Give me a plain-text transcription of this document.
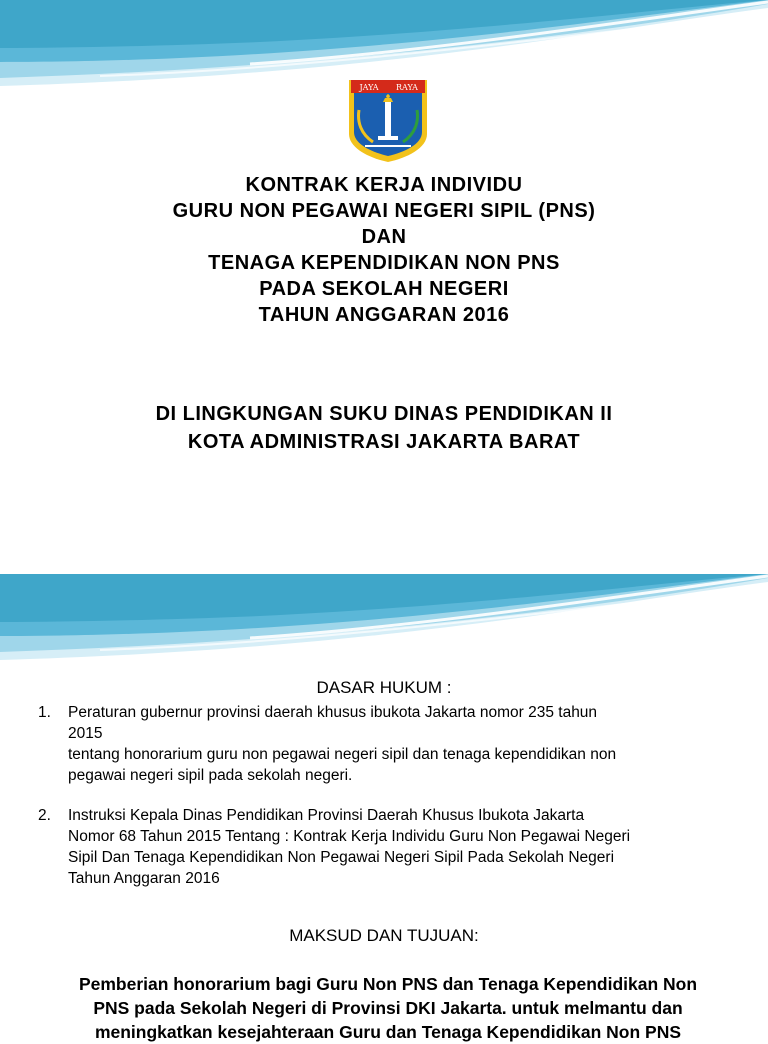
JAYA RAYA
KONTRAK KERJA INDIVIDU
GURU NON PEGAWAI NEGERI SIPIL (PNS)
DAN
TENAGA KEPENDIDIKAN NON PNS
PADA SEKOLAH NEGERI
TAHUN ANGGARAN 2016
DI LINGKUNGAN SUKU DINAS PENDIDIKAN II
KOTA ADMINISTRASI JAKARTA BARAT
DASAR HUKUM :
1. Peraturan gubernur provinsi daerah khusus ibukota Jakarta nomor 235 tahun
2015
tentang honorarium guru non pegawai negeri sipil dan tenaga kependidikan non
pegawai negeri sipil pada sekolah negeri.
2. Instruksi Kepala Dinas Pendidikan Provinsi Daerah Khusus Ibukota Jakarta
Nomor 68 Tahun 2015 Tentang : Kontrak Kerja Individu Guru Non Pegawai Negeri
Sipil Dan Tenaga Kependidikan Non Pegawai Negeri Sipil Pada Sekolah Negeri
Tahun Anggaran 2016
MAKSUD DAN TUJUAN:
Pemberian honorarium bagi Guru Non PNS dan Tenaga Kependidikan Non
PNS pada Sekolah Negeri di Provinsi DKI Jakarta. untuk melmantu dan
meningkatkan kesejahteraan Guru dan Tenaga Kependidikan Non PNS
